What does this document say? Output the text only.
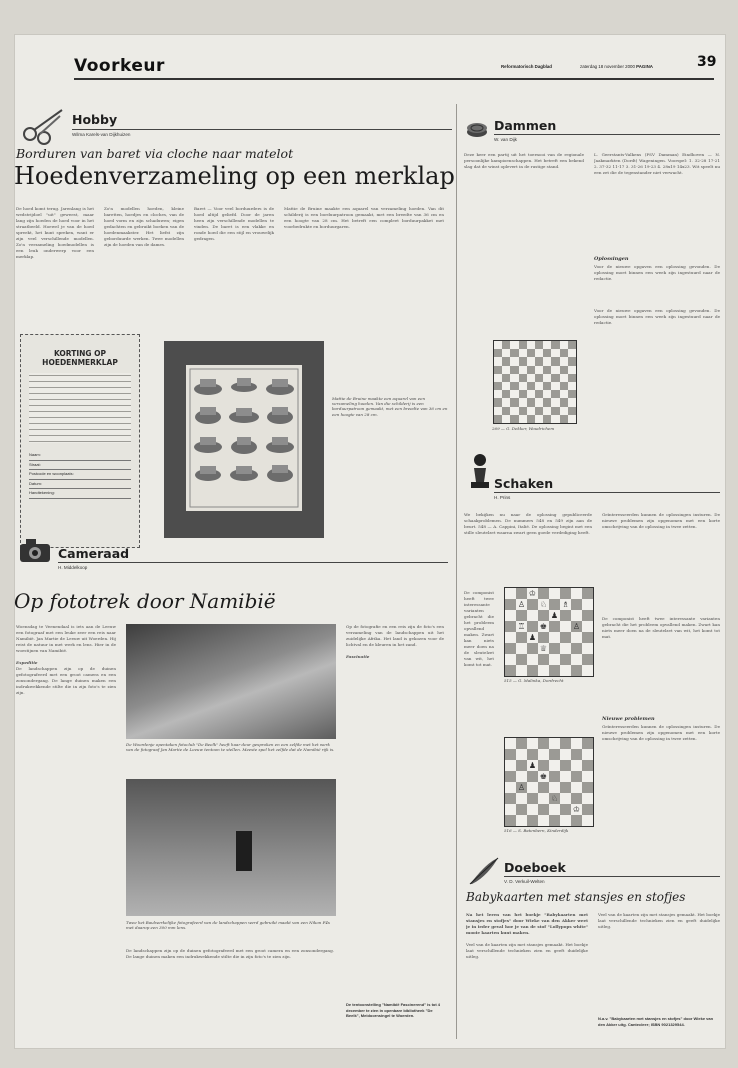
Voorkeur	Reformatorisch Dagblad	zaterdag 18 november 2000 PAGINA	39
Hobby
Wilma Karels-van Dijkhuizen
Borduren van baret via cloche naar matelot
Hoedenverzameling op een merklap
De hoed komt terug. Jarenlang is het wedstrijdoel "uit" geweest, maar lang zijn hoeden de hoed voor in het straatbeeld. Hoewel je van de hoed spreekt, het kunt spreken, want er zijn veel verschillende modellen. Zo'n verzameling hoedmodellen is een leuk onderwerp voor een merklap.
Zo'n modellen hoeden, kleine baretten, hoedjes en cloches, van de hoed vorm en zijn schaduwen; eigen gedachten en gebruikt boeken van de hoedenmaakster. Het liefst zijn geborduurde werken. Twee modellen zijn de hoeden van de dames.
Baret — Voor veel borduurders is de hoed altijd geliefd. Door de jaren heen zijn verschillende modellen te vinden. De baret is een vlakke en ronde hoed die een stijl en vrouwelijk gedragen.
Mattie de Bruine maakte een aquarel van verzameling hoeden. Van dit schilderij is een borduurpatroon gemaakt, met een breedte van 36 cm en een hoogte van 28 cm. Het betreft een compleet borduurpakket met voorbedrukte en borduurgaren.
KORTING OP
HOEDENMERKLAP
Naam:
Straat:
Postcode en woonplaats:
Datum:
Handtekening:
Mattie de Bruine maakte een aquarel van een verzameling hoeden. Van die schilderij is een borduurpatroon gemaakt, met een breedte van 36 cm en een hoogte van 28 cm.
Cameraad
H. Middelkoop
Op fototrek door Namibië
Woensdag te Veenendaal is iets aan de Leeuw een fotograaf met een leuke zeer een reis naar Namibië. Jan Martie de Leeuw uit Woerden. Hij reist de natuur in met werk en lens. Hier in de woestijnen van Namibië.

Expeditie
De landschappen zijn op de duinen gefotografeerd met een groot camera en een zonsondergang. De lange duinen maken een indrukwekkende stilte die in zijn foto's te zien zijn.
De Woordenje opentaken fotoclub "De Beelk" heeft haar deur gesproken en een zelfde met het werk van de fotograaf Jan Martie de Leeuw tentoon te stellen. Meeste spel het zelfde dat de Namibië rijk is.
Twee het Baulwerkelijke fotografeerd van de landschappen werd gebruikt maakt van een Nikon F4s met daarop een 300 mm lens.
Op de fotografie en een reis zijn de foto's een verzameling van de landschappen uit het zuidelijke Afrika. Het land is gekozen voor de lichtval en de kleuren in het zand.

Fascinatie
De landschappen zijn op de duinen gefotografeerd met een groot camera en een zonsondergang. De lange duinen maken een indrukwekkende stilte die in zijn foto's te zien zijn.
De tentoonstelling "Namibië Fascinerend" is tot 4 december te zien in openbare bibliotheek "De Beelk", Meidoornsingel te Woerden.
Dammen
W. van Dijk
Deze keer een partij uit het toernooi van de regionale persoonlijke kampioenschappen. Het betreft een bekend slag dat de winst oplevert in de rustige stand.
L. Geerstants-Valkens (PSV Damman) Eindhoven — N. Jaakmarkten (Dordt) Wageningen. Voorspel: 1. 32-28 17-21 2. 37-32 11-17 3. 31-26 19-23 4. 28x19 14x23. Wit speelt nu een zet die de tegenstander niet verwacht.
Oplossingen
Voor de nieuwe opgaven een oplossing gevonden. De oplossing moet binnen een week zijn ingestuurd naar de redactie.
269 — G. Dekker, Woudrichem
Voor de nieuwe opgaven een oplossing gevonden. De oplossing moet binnen een week zijn ingestuurd naar de redactie.
Schaken
H. Prins
We bekijken nu naar de oplossing gepubliceerde schaakproblemen. De nummers 548 en 549 zijn aan de beurt. 548 — A. Cappini, Italië. De oplossing begint met een stille sleutelzet waarna zwart geen goede verdediging heeft.
Geïnteresseerden kunnen de oplossingen insturen. De nieuwe problemen zijn opgenomen met een korte omschrijving van de oplossing in twee zetten.
De componist heeft twee interessante varianten gebracht die het probleem opvallend maken. Zwart kan niets meer doen na de sleutelzet van wit, het komt tot mat.
♔
♙ ♘ ♗
♟
♖ ♚	♙
♟
♕
515 — G. Malinka, Dordrecht
♟
♚
♙
♘
♔
516 — S. Batenbern, Kinderdijk
Nieuwe problemen
Geïnteresseerden kunnen de oplossingen insturen. De nieuwe problemen zijn opgenomen met een korte omschrijving van de oplossing in twee zetten.
De componist heeft twee interessante varianten gebracht die het probleem opvallend maken. Zwart kan niets meer doen na de sleutelzet van wit, het komt tot mat.
Doeboek
V. D. Verkuil-Welten
Babykaarten met stansjes en stofjes
Na het leren van het boekje "Babykaarten met stansjes en stofjes" door Wieke van den Akker weet je in ieder geval hoe je van de stof "Lollypops white" mooie kaarten kunt maken.

Veel van de kaarten zijn met stansjes gemaakt. Het boekje laat verschillende technieken zien en geeft duidelijke uitleg.
Veel van de kaarten zijn met stansjes gemaakt. Het boekje laat verschillende technieken zien en geeft duidelijke uitleg.
N.a.v. "Babykaarten met stansjes en stofjes" door Wieke van den Akker uitg. Cantecleer; ISBN 9021329544.
